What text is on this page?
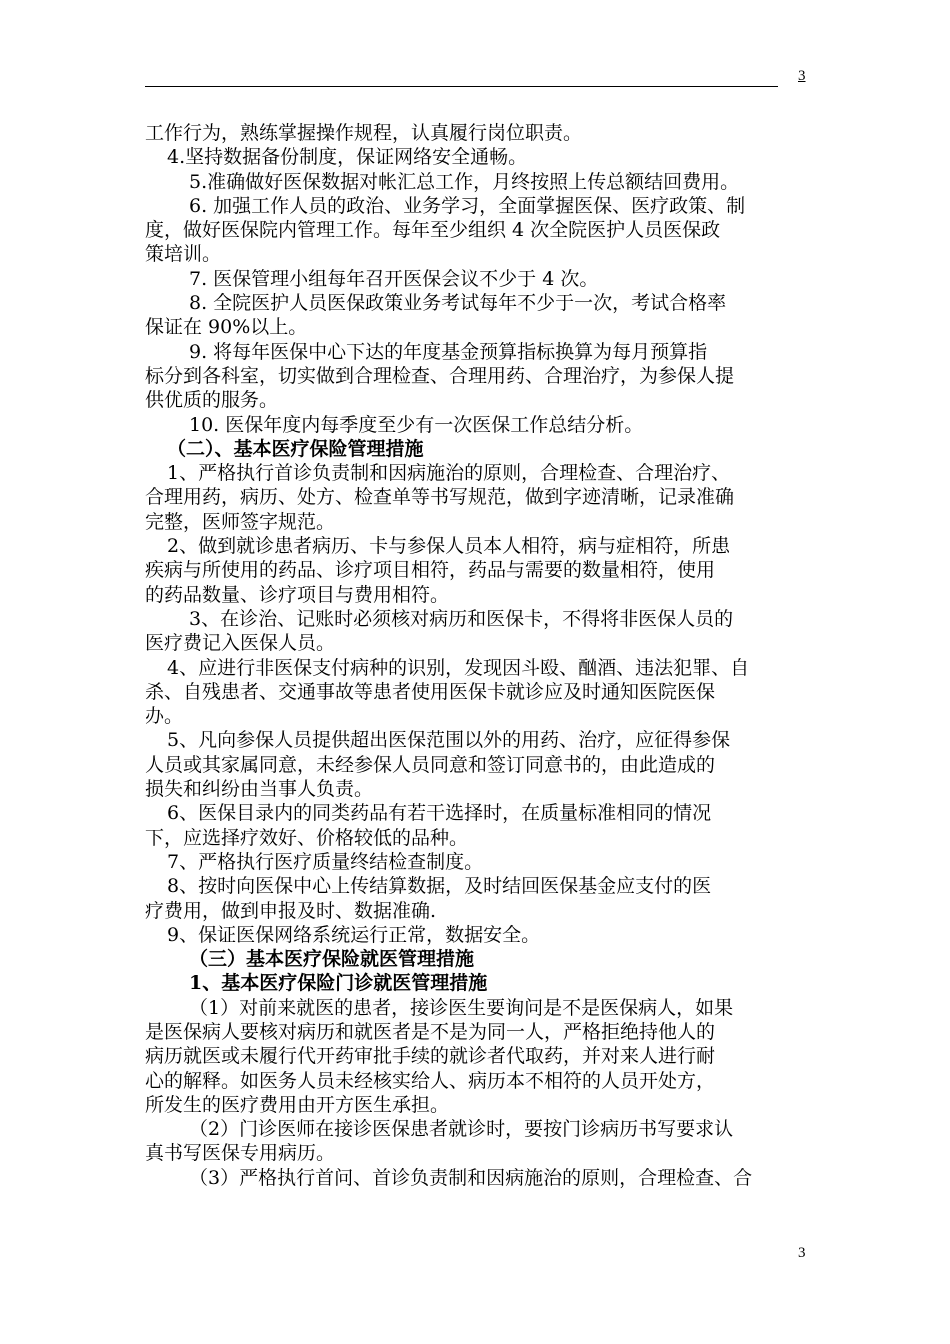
3
工作行为，熟练掌握操作规程，认真履行岗位职责。
4.坚持数据备份制度，保证网络安全通畅。
5.准确做好医保数据对帐汇总工作，月终按照上传总额结回费用。
6. 加强工作人员的政治、业务学习，全面掌握医保、医疗政策、制
度，做好医保院内管理工作。每年至少组织 4 次全院医护人员医保政
策培训。
7. 医保管理小组每年召开医保会议不少于 4 次。
8. 全院医护人员医保政策业务考试每年不少于一次，考试合格率
保证在 90%以上。
9. 将每年医保中心下达的年度基金预算指标换算为每月预算指
标分到各科室，切实做到合理检查、合理用药、合理治疗，为参保人提
供优质的服务。
10. 医保年度内每季度至少有一次医保工作总结分析。
（二）、基本医疗保险管理措施
1、严格执行首诊负责制和因病施治的原则，合理检查、合理治疗、
合理用药，病历、处方、检查单等书写规范，做到字迹清晰，记录准确
完整，医师签字规范。
2、做到就诊患者病历、卡与参保人员本人相符，病与症相符，所患
疾病与所使用的药品、诊疗项目相符，药品与需要的数量相符，使用
的药品数量、诊疗项目与费用相符。
3、在诊治、记账时必须核对病历和医保卡，不得将非医保人员的
医疗费记入医保人员。
4、应进行非医保支付病种的识别，发现因斗殴、酗酒、违法犯罪、自
杀、自残患者、交通事故等患者使用医保卡就诊应及时通知医院医保
办。
5、凡向参保人员提供超出医保范围以外的用药、治疗，应征得参保
人员或其家属同意，未经参保人员同意和签订同意书的，由此造成的
损失和纠纷由当事人负责。
6、医保目录内的同类药品有若干选择时，在质量标准相同的情况
下，应选择疗效好、价格较低的品种。
7、严格执行医疗质量终结检查制度。
8、按时向医保中心上传结算数据，及时结回医保基金应支付的医
疗费用，做到申报及时、数据准确.
9、保证医保网络系统运行正常，数据安全。
（三）基本医疗保险就医管理措施
1、基本医疗保险门诊就医管理措施
（1）对前来就医的患者，接诊医生要询问是不是医保病人，如果
是医保病人要核对病历和就医者是不是为同一人，严格拒绝持他人的
病历就医或未履行代开药审批手续的就诊者代取药，并对来人进行耐
心的解释。如医务人员未经核实给人、病历本不相符的人员开处方，
所发生的医疗费用由开方医生承担。
（2）门诊医师在接诊医保患者就诊时，要按门诊病历书写要求认
真书写医保专用病历。
（3）严格执行首问、首诊负责制和因病施治的原则，合理检查、合
3
